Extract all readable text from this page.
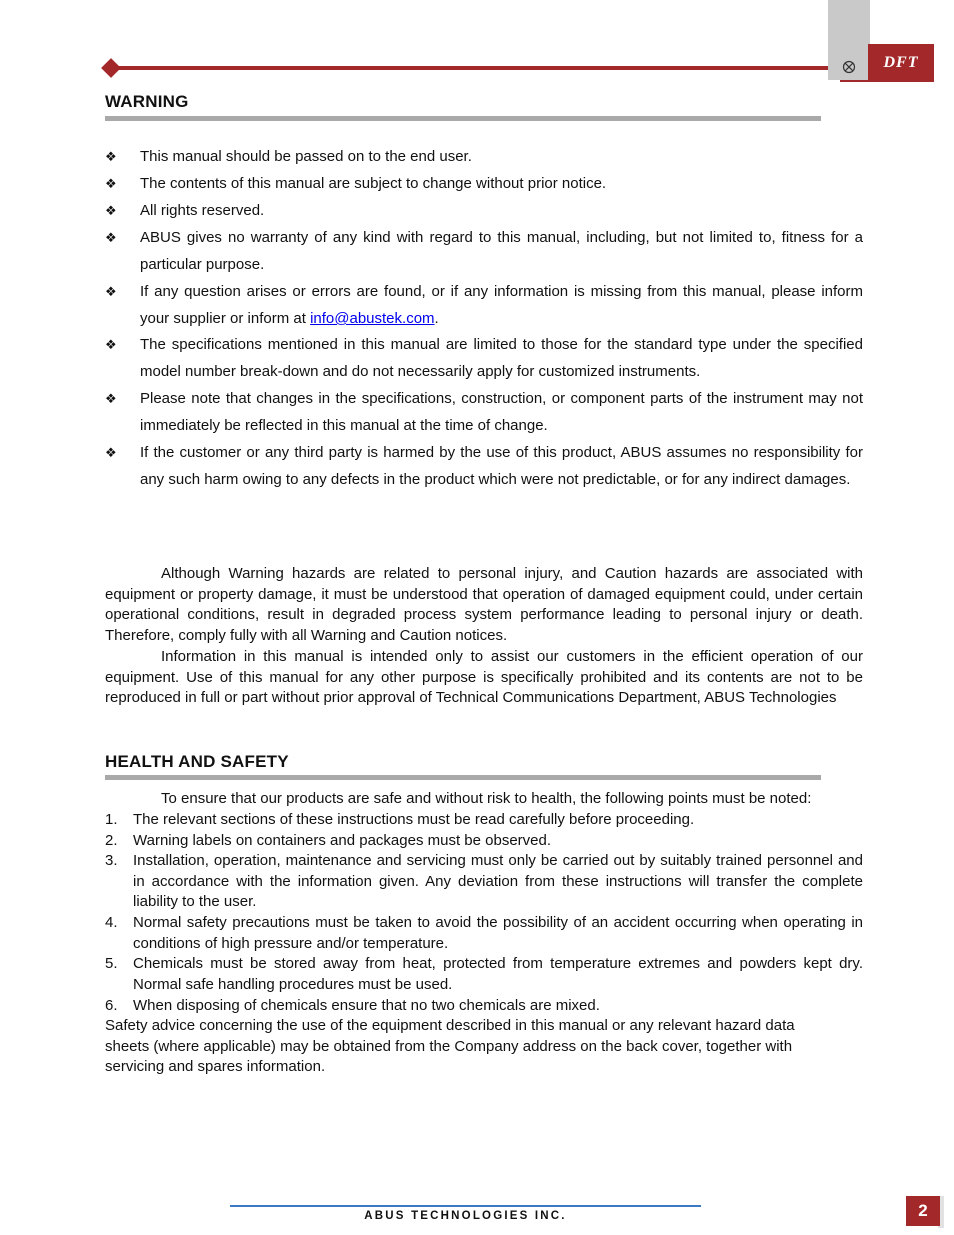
DFT
WARNING
❖	This manual should be passed on to the end user.
❖	The contents of this manual are subject to change without prior notice.
❖	All rights reserved.
❖	ABUS gives no warranty of any kind with regard to this manual, including, but not limited to, fitness for a particular purpose.
❖	If any question arises or errors are found, or if any information is missing from this manual, please inform your supplier or inform at info@abustek.com.
❖	The specifications mentioned in this manual are limited to those for the standard type under the specified model number break-down and do not necessarily apply for customized instruments.
❖	Please note that changes in the specifications, construction, or component parts of the instrument may not immediately be reflected in this manual at the time of change.
❖	If the customer or any third party is harmed by the use of this product, ABUS assumes no responsibility for any such harm owing to any defects in the product which were not predictable, or for any indirect damages.
Although Warning hazards are related to personal injury, and Caution hazards are associated with equipment or property damage, it must be understood that operation of damaged equipment could, under certain operational conditions, result in degraded process system performance leading to personal injury or death. Therefore, comply fully with all Warning and Caution notices.
Information in this manual is intended only to assist our customers in the efficient operation of our equipment. Use of this manual for any other purpose is specifically prohibited and its contents are not to be reproduced in full or part without prior approval of Technical Communications Department, ABUS Technologies
HEALTH AND SAFETY
To ensure that our products are safe and without risk to health, the following points must be noted:
1. The relevant sections of these instructions must be read carefully before proceeding.
2. Warning labels on containers and packages must be observed.
3. Installation, operation, maintenance and servicing must only be carried out by suitably trained personnel and in accordance with the information given. Any deviation from these instructions will transfer the complete liability to the user.
4. Normal safety precautions must be taken to avoid the possibility of an accident occurring when operating in conditions of high pressure and/or temperature.
5. Chemicals must be stored away from heat, protected from temperature extremes and powders kept dry. Normal safe handling procedures must be used.
6. When disposing of chemicals ensure that no two chemicals are mixed.
Safety advice concerning the use of the equipment described in this manual or any relevant hazard data sheets (where applicable) may be obtained from the Company address on the back cover, together with servicing and spares information.
ABUS TECHNOLOGIES INC.	2
